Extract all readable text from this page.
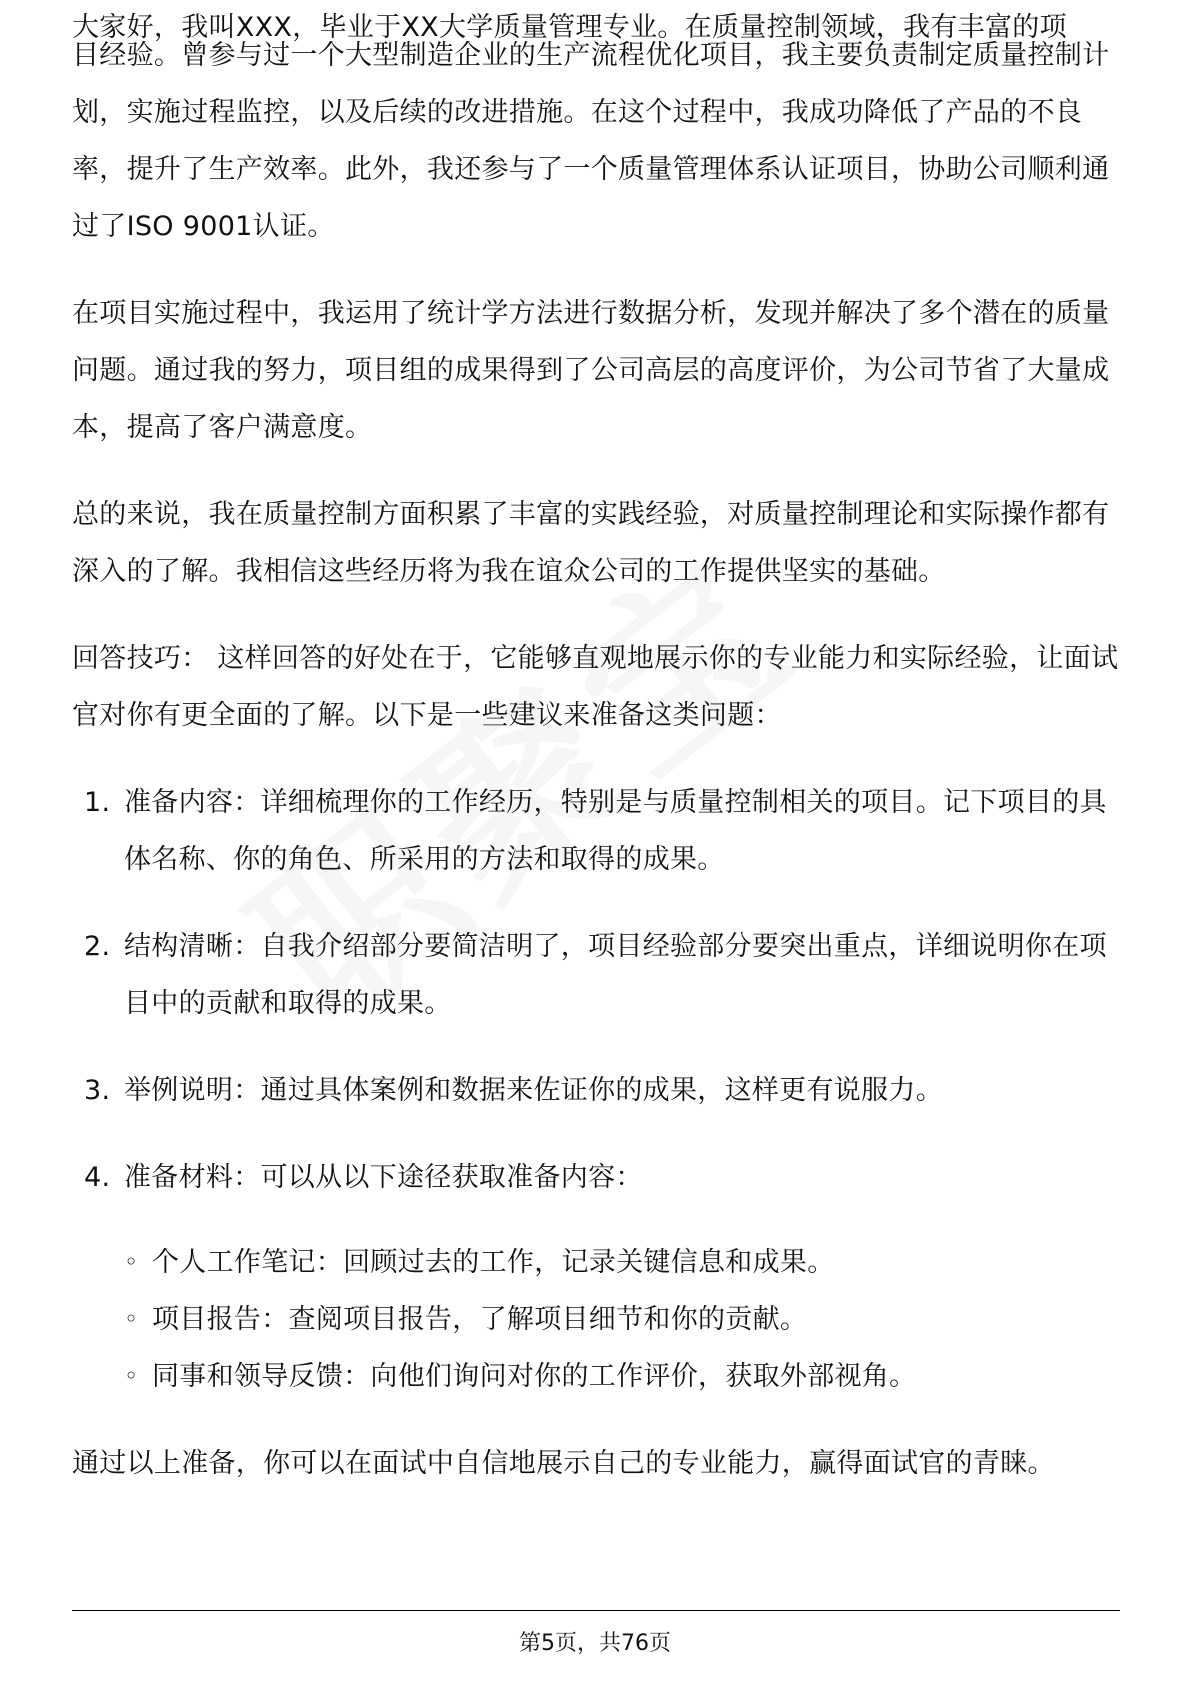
大家好，我叫XXX，毕业于XX大学质量管理专业。在质量控制领域，我有丰富的项

目经验。曾参与过一个大型制造企业的生产流程优化项目，我主要负责制定质量控制计划，实施过程监控，以及后续的改进措施。在这个过程中，我成功降低了产品的不良率，提升了生产效率。此外，我还参与了一个质量管理体系认证项目，协助公司顺利通过了ISO 9001认证。

在项目实施过程中，我运用了统计学方法进行数据分析，发现并解决了多个潜在的质量问题。通过我的努力，项目组的成果得到了公司高层的高度评价，为公司节省了大量成本，提高了客户满意度。

总的来说，我在质量控制方面积累了丰富的实践经验，对质量控制理论和实际操作都有深入的了解。我相信这些经历将为我在谊众公司的工作提供坚实的基础。

回答技巧： 这样回答的好处在于，它能够直观地展示你的专业能力和实际经验，让面试官对你有更全面的了解。以下是一些建议来准备这类问题：

1. 准备内容：详细梳理你的工作经历，特别是与质量控制相关的项目。记下项目的具体名称、你的角色、所采用的方法和取得的成果。
2. 结构清晰：自我介绍部分要简洁明了，项目经验部分要突出重点，详细说明你在项目中的贡献和取得的成果。
3. 举例说明：通过具体案例和数据来佐证你的成果，这样更有说服力。
4. 准备材料：可以从以下途径获取准备内容：
◦ 个人工作笔记：回顾过去的工作，记录关键信息和成果。
◦ 项目报告：查阅项目报告，了解项目细节和你的贡献。
◦ 同事和领导反馈：向他们询问对你的工作评价，获取外部视角。

通过以上准备，你可以在面试中自信地展示自己的专业能力，赢得面试官的青睐。

第5页，共76页
